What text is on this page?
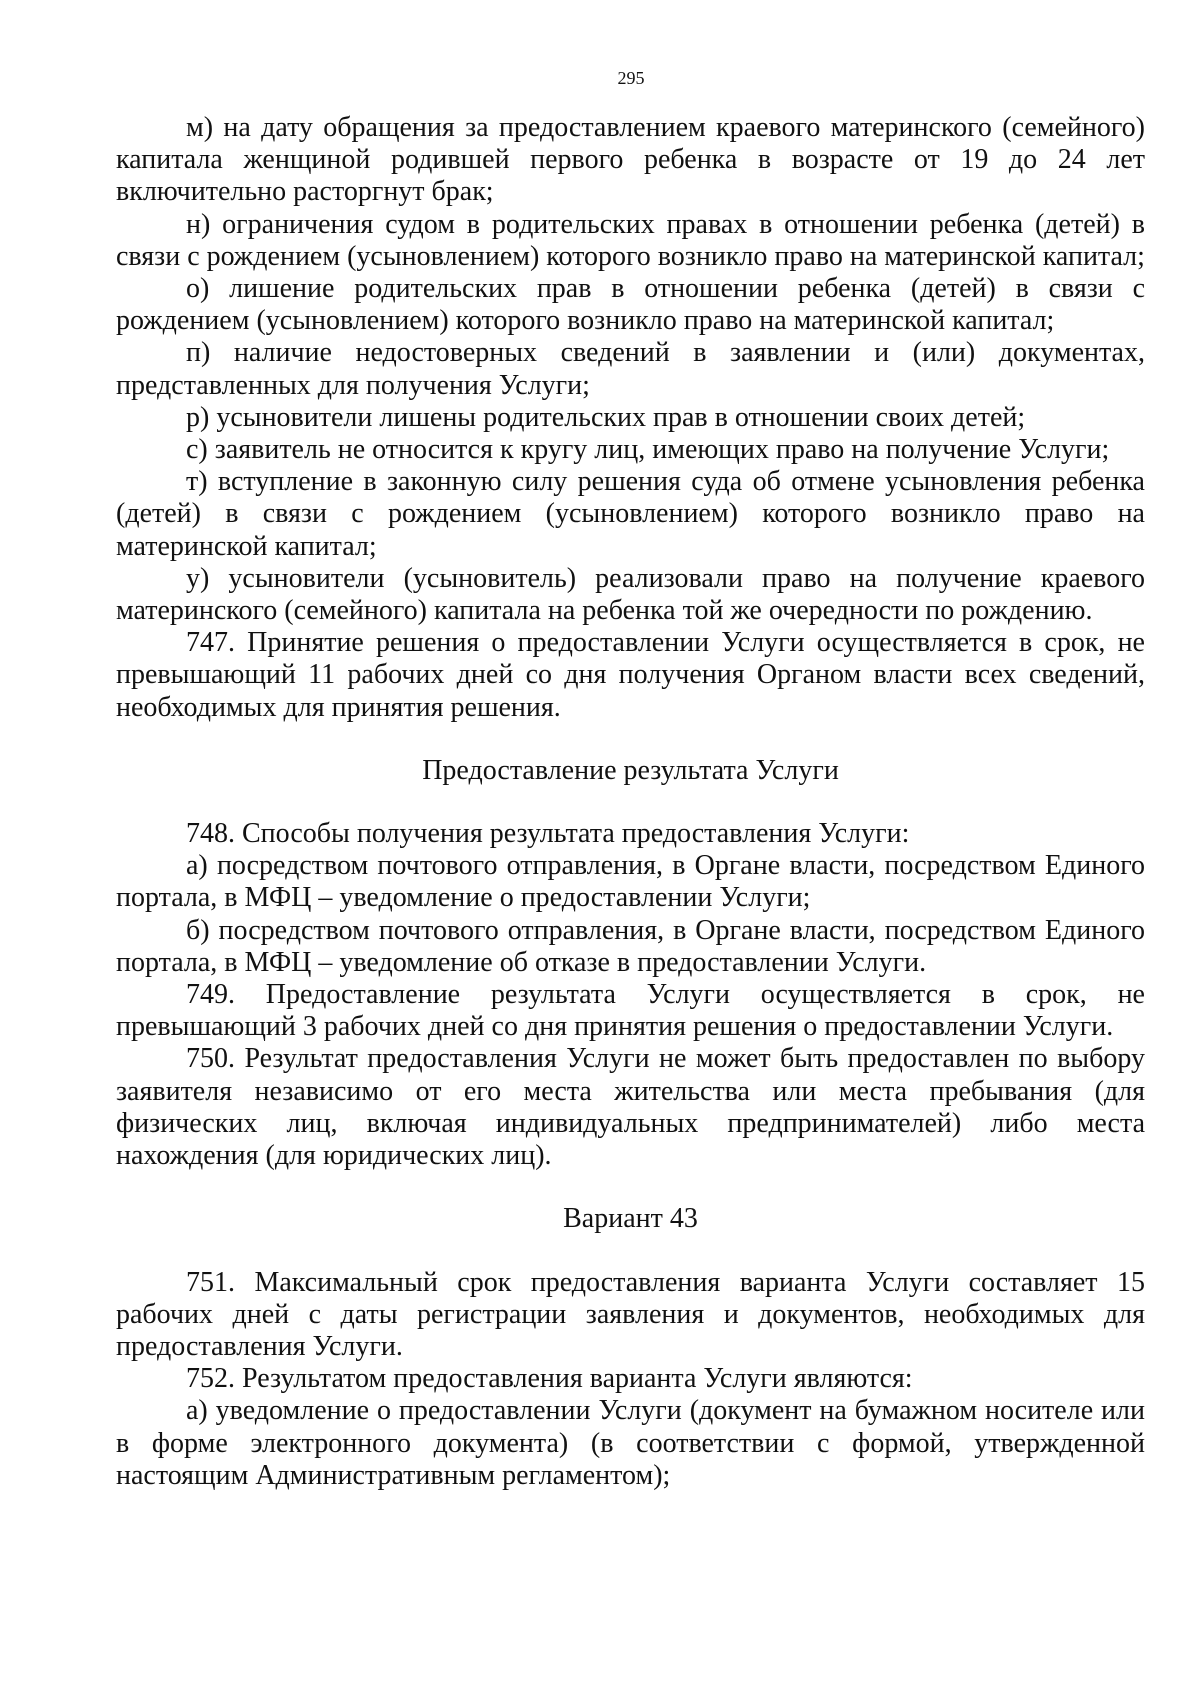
295

м) на дату обращения за предоставлением краевого материнского (семейного) капитала женщиной родившей первого ребенка в возрасте от 19 до 24 лет включительно расторгнут брак;

н) ограничения судом в родительских правах в отношении ребенка (детей) в связи с рождением (усыновлением) которого возникло право на материнской капитал;

о) лишение родительских прав в отношении ребенка (детей) в связи с рождением (усыновлением) которого возникло право на материнской капитал;

п) наличие недостоверных сведений в заявлении и (или) документах, представленных для получения Услуги;

р) усыновители лишены родительских прав в отношении своих детей;

с) заявитель не относится к кругу лиц, имеющих право на получение Услуги;

т) вступление в законную силу решения суда об отмене усыновления ребенка (детей) в связи с рождением (усыновлением) которого возникло право на материнской капитал;

у) усыновители (усыновитель) реализовали право на получение краевого материнского (семейного) капитала на ребенка той же очередности по рождению.

747. Принятие решения о предоставлении Услуги осуществляется в срок, не превышающий 11 рабочих дней со дня получения Органом власти всех сведений, необходимых для принятия решения.

Предоставление результата Услуги

748. Способы получения результата предоставления Услуги:

а) посредством почтового отправления, в Органе власти, посредством Единого портала, в МФЦ – уведомление о предоставлении Услуги;

б) посредством почтового отправления, в Органе власти, посредством Единого портала, в МФЦ – уведомление об отказе в предоставлении Услуги.

749. Предоставление результата Услуги осуществляется в срок, не превышающий 3 рабочих дней со дня принятия решения о предоставлении Услуги.

750. Результат предоставления Услуги не может быть предоставлен по выбору заявителя независимо от его места жительства или места пребывания (для физических лиц, включая индивидуальных предпринимателей) либо места нахождения (для юридических лиц).

Вариант 43

751. Максимальный срок предоставления варианта Услуги составляет 15 рабочих дней с даты регистрации заявления и документов, необходимых для предоставления Услуги.

752. Результатом предоставления варианта Услуги являются:

а) уведомление о предоставлении Услуги (документ на бумажном носителе или в форме электронного документа) (в соответствии с формой, утвержденной настоящим Административным регламентом);
